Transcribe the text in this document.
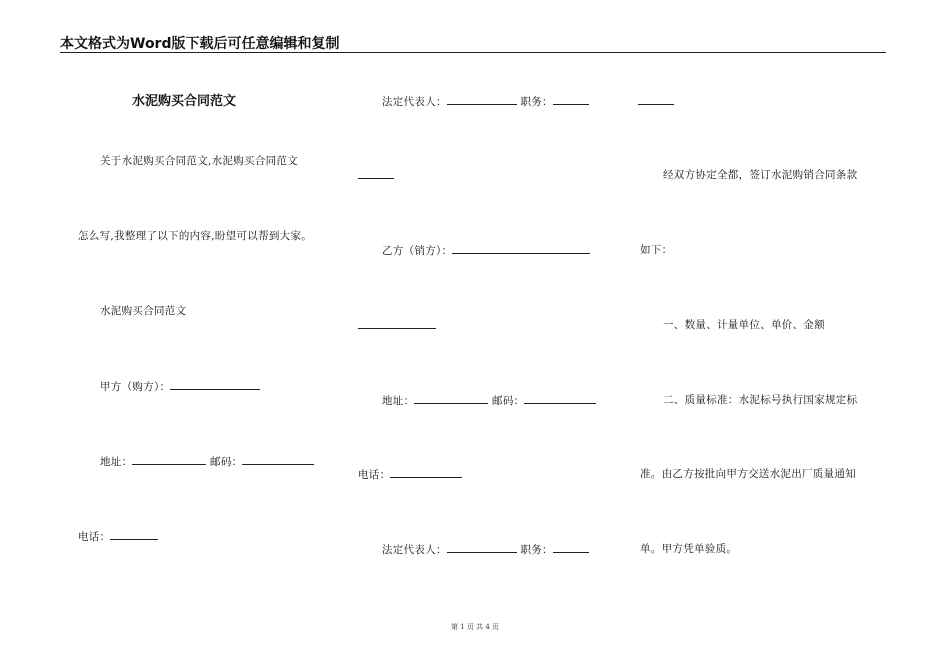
本文格式为Word版下载后可任意编辑和复制
水泥购买合同范文
关于水泥购买合同范文,水泥购买合同范文
怎么写,我整理了以下的内容,盼望可以帮到大家。
水泥购买合同范文
甲方（购方）：
地址：	邮码：
电话：
法定代表人：	职务：
乙方（销方）：
地址：	邮码：
电话：
法定代表人：	职务：
经双方协定全都，签订水泥购销合同条款
如下：
一、数量、计量单位、单价、金额
二、质量标准：水泥标号执行国家规定标
准。由乙方按批向甲方交送水泥出厂质量通知
单。甲方凭单验质。
第 1 页 共 4 页
